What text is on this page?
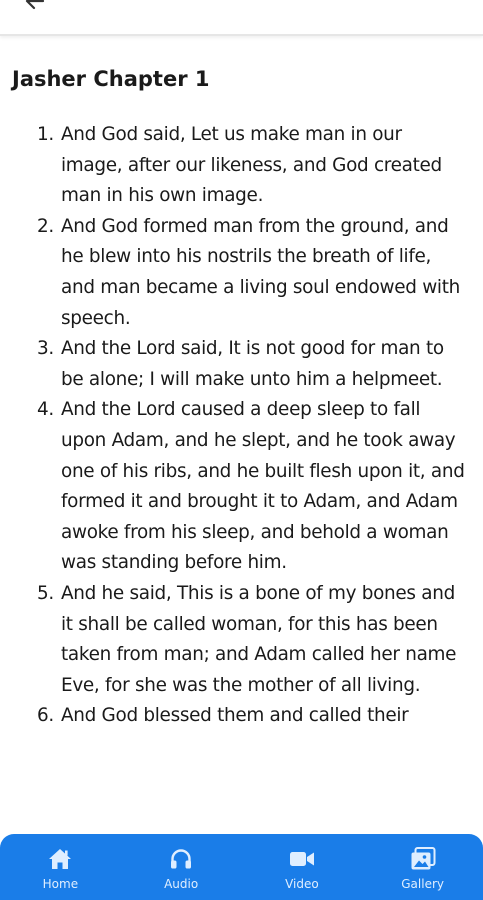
Jasher Chapter 1
1. And God said, Let us make man in our image, after our likeness, and God created man in his own image.
2. And God formed man from the ground, and he blew into his nostrils the breath of life, and man became a living soul endowed with speech.
3. And the Lord said, It is not good for man to be alone; I will make unto him a helpmeet.
4. And the Lord caused a deep sleep to fall upon Adam, and he slept, and he took away one of his ribs, and he built flesh upon it, and formed it and brought it to Adam, and Adam awoke from his sleep, and behold a woman was standing before him.
5. And he said, This is a bone of my bones and it shall be called woman, for this has been taken from man; and Adam called her name Eve, for she was the mother of all living.
6. And God blessed them and called their
Home	Audio	Video	Gallery
